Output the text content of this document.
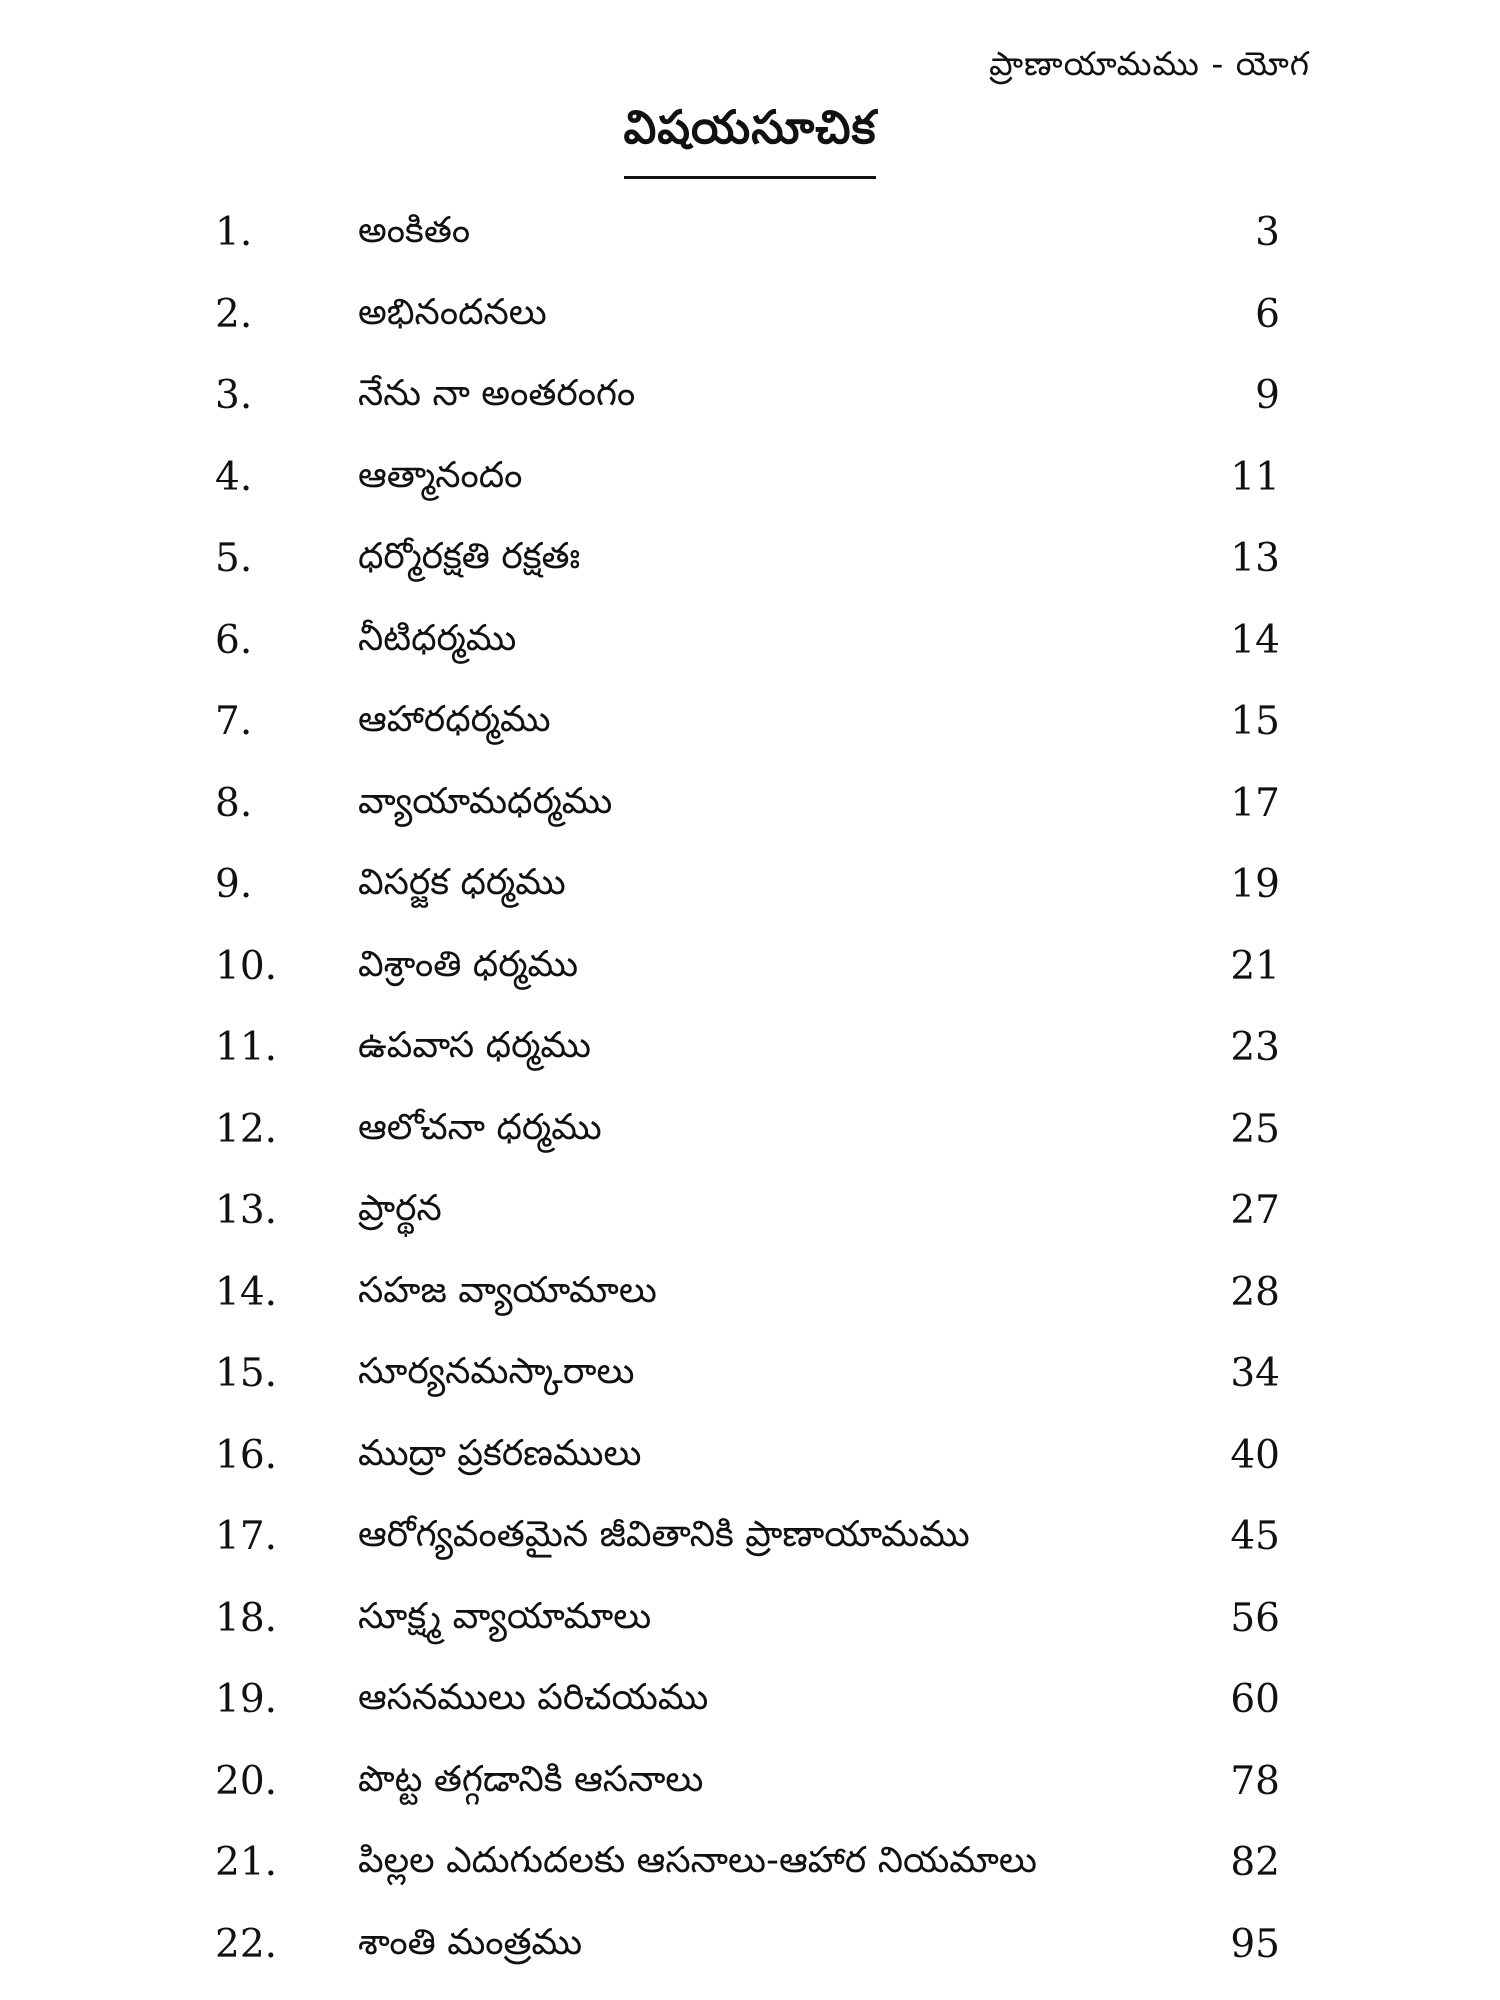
ప్రాణాయామము - యోగ
విషయసూచిక
1.	అంకితం	3
2.	అభినందనలు	6
3.	నేను నా అంతరంగం	9
4.	ఆత్మానందం	11
5.	ధర్మోరక్షతి రక్షతః	13
6.	నీటిధర్మము	14
7.	ఆహారధర్మము	15
8.	వ్యాయామధర్మము	17
9.	విసర్జక ధర్మము	19
10. విశ్రాంతి ధర్మము	21
11. ఉపవాస ధర్మము	23
12. ఆలోచనా ధర్మము	25
13. ప్రార్థన	27
14. సహజ వ్యాయామాలు	28
15. సూర్యనమస్కారాలు	34
16. ముద్రా ప్రకరణములు	40
17. ఆరోగ్యవంతమైన జీవితానికి ప్రాణాయామము	45
18. సూక్ష్మ వ్యాయామాలు	56
19. ఆసనములు పరిచయము	60
20. పొట్ట తగ్గడానికి ఆసనాలు	78
21. పిల్లల ఎదుగుదలకు ఆసనాలు-ఆహార నియమాలు	82
22. శాంతి మంత్రము	95
